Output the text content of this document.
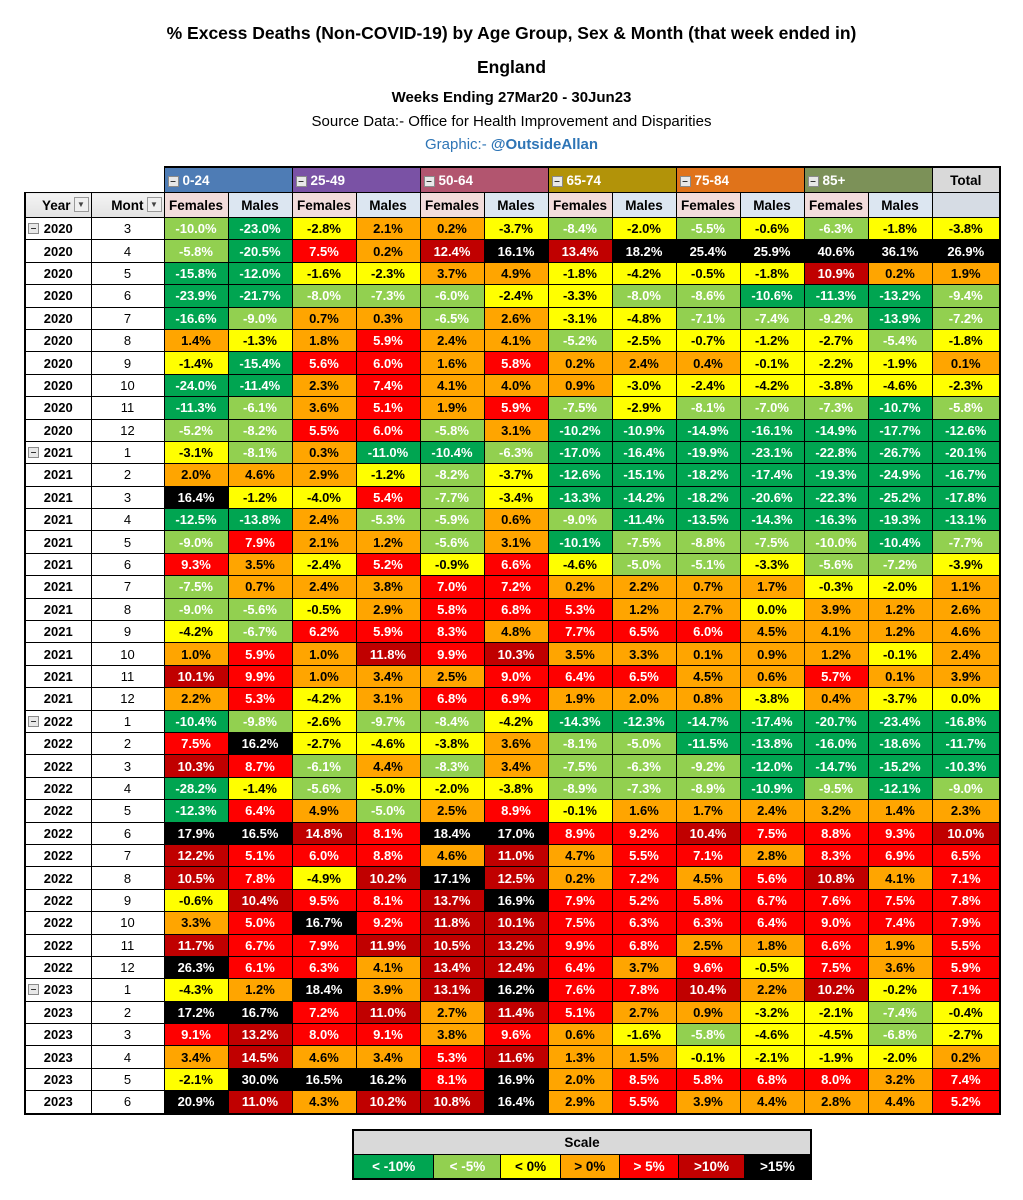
% Excess Deaths (Non-COVID-19) by Age Group, Sex & Month (that week ended in)
England
Weeks Ending 27Mar20 - 30Jun23
Source Data:- Office for Health Improvement and Disparities
Graphic:- @OutsideAllan
		– 0-24		– 25-49		– 50-64		– 65-74		– 75-84		– 85+		Total
Year ▼	Mont ▼	Females	Males	Females	Males	Females	Males	Females	Males	Females	Males	Females	Males	

– 2020	3	-10.0%	-23.0%	-2.8%	2.1%	0.2%	-3.7%	-8.4%	-2.0%	-5.5%	-0.6%	-6.3%	-1.8%	-3.8%
2020	4	-5.8%	-20.5%	7.5%	0.2%	12.4%	16.1%	13.4%	18.2%	25.4%	25.9%	40.6%	36.1%	26.9%
2020	5	-15.8%	-12.0%	-1.6%	-2.3%	3.7%	4.9%	-1.8%	-4.2%	-0.5%	-1.8%	10.9%	0.2%	1.9%
2020	6	-23.9%	-21.7%	-8.0%	-7.3%	-6.0%	-2.4%	-3.3%	-8.0%	-8.6%	-10.6%	-11.3%	-13.2%	-9.4%
2020	7	-16.6%	-9.0%	0.7%	0.3%	-6.5%	2.6%	-3.1%	-4.8%	-7.1%	-7.4%	-9.2%	-13.9%	-7.2%
2020	8	1.4%	-1.3%	1.8%	5.9%	2.4%	4.1%	-5.2%	-2.5%	-0.7%	-1.2%	-2.7%	-5.4%	-1.8%
2020	9	-1.4%	-15.4%	5.6%	6.0%	1.6%	5.8%	0.2%	2.4%	0.4%	-0.1%	-2.2%	-1.9%	0.1%
2020	10	-24.0%	-11.4%	2.3%	7.4%	4.1%	4.0%	0.9%	-3.0%	-2.4%	-4.2%	-3.8%	-4.6%	-2.3%
2020	11	-11.3%	-6.1%	3.6%	5.1%	1.9%	5.9%	-7.5%	-2.9%	-8.1%	-7.0%	-7.3%	-10.7%	-5.8%
2020	12	-5.2%	-8.2%	5.5%	6.0%	-5.8%	3.1%	-10.2%	-10.9%	-14.9%	-16.1%	-14.9%	-17.7%	-12.6%

– 2021	1	-3.1%	-8.1%	0.3%	-11.0%	-10.4%	-6.3%	-17.0%	-16.4%	-19.9%	-23.1%	-22.8%	-26.7%	-20.1%
2021	2	2.0%	4.6%	2.9%	-1.2%	-8.2%	-3.7%	-12.6%	-15.1%	-18.2%	-17.4%	-19.3%	-24.9%	-16.7%
2021	3	16.4%	-1.2%	-4.0%	5.4%	-7.7%	-3.4%	-13.3%	-14.2%	-18.2%	-20.6%	-22.3%	-25.2%	-17.8%
2021	4	-12.5%	-13.8%	2.4%	-5.3%	-5.9%	0.6%	-9.0%	-11.4%	-13.5%	-14.3%	-16.3%	-19.3%	-13.1%
2021	5	-9.0%	7.9%	2.1%	1.2%	-5.6%	3.1%	-10.1%	-7.5%	-8.8%	-7.5%	-10.0%	-10.4%	-7.7%
2021	6	9.3%	3.5%	-2.4%	5.2%	-0.9%	6.6%	-4.6%	-5.0%	-5.1%	-3.3%	-5.6%	-7.2%	-3.9%
2021	7	-7.5%	0.7%	2.4%	3.8%	7.0%	7.2%	0.2%	2.2%	0.7%	1.7%	-0.3%	-2.0%	1.1%
2021	8	-9.0%	-5.6%	-0.5%	2.9%	5.8%	6.8%	5.3%	1.2%	2.7%	0.0%	3.9%	1.2%	2.6%
2021	9	-4.2%	-6.7%	6.2%	5.9%	8.3%	4.8%	7.7%	6.5%	6.0%	4.5%	4.1%	1.2%	4.6%
2021	10	1.0%	5.9%	1.0%	11.8%	9.9%	10.3%	3.5%	3.3%	0.1%	0.9%	1.2%	-0.1%	2.4%
2021	11	10.1%	9.9%	1.0%	3.4%	2.5%	9.0%	6.4%	6.5%	4.5%	0.6%	5.7%	0.1%	3.9%
2021	12	2.2%	5.3%	-4.2%	3.1%	6.8%	6.9%	1.9%	2.0%	0.8%	-3.8%	0.4%	-3.7%	0.0%

– 2022	1	-10.4%	-9.8%	-2.6%	-9.7%	-8.4%	-4.2%	-14.3%	-12.3%	-14.7%	-17.4%	-20.7%	-23.4%	-16.8%
2022	2	7.5%	16.2%	-2.7%	-4.6%	-3.8%	3.6%	-8.1%	-5.0%	-11.5%	-13.8%	-16.0%	-18.6%	-11.7%
2022	3	10.3%	8.7%	-6.1%	4.4%	-8.3%	3.4%	-7.5%	-6.3%	-9.2%	-12.0%	-14.7%	-15.2%	-10.3%
2022	4	-28.2%	-1.4%	-5.6%	-5.0%	-2.0%	-3.8%	-8.9%	-7.3%	-8.9%	-10.9%	-9.5%	-12.1%	-9.0%
2022	5	-12.3%	6.4%	4.9%	-5.0%	2.5%	8.9%	-0.1%	1.6%	1.7%	2.4%	3.2%	1.4%	2.3%
2022	6	17.9%	16.5%	14.8%	8.1%	18.4%	17.0%	8.9%	9.2%	10.4%	7.5%	8.8%	9.3%	10.0%
2022	7	12.2%	5.1%	6.0%	8.8%	4.6%	11.0%	4.7%	5.5%	7.1%	2.8%	8.3%	6.9%	6.5%
2022	8	10.5%	7.8%	-4.9%	10.2%	17.1%	12.5%	0.2%	7.2%	4.5%	5.6%	10.8%	4.1%	7.1%
2022	9	-0.6%	10.4%	9.5%	8.1%	13.7%	16.9%	7.9%	5.2%	5.8%	6.7%	7.6%	7.5%	7.8%
2022	10	3.3%	5.0%	16.7%	9.2%	11.8%	10.1%	7.5%	6.3%	6.3%	6.4%	9.0%	7.4%	7.9%
2022	11	11.7%	6.7%	7.9%	11.9%	10.5%	13.2%	9.9%	6.8%	2.5%	1.8%	6.6%	1.9%	5.5%
2022	12	26.3%	6.1%	6.3%	4.1%	13.4%	12.4%	6.4%	3.7%	9.6%	-0.5%	7.5%	3.6%	5.9%

– 2023	1	-4.3%	1.2%	18.4%	3.9%	13.1%	16.2%	7.6%	7.8%	10.4%	2.2%	10.2%	-0.2%	7.1%
2023	2	17.2%	16.7%	7.2%	11.0%	2.7%	11.4%	5.1%	2.7%	0.9%	-3.2%	-2.1%	-7.4%	-0.4%
2023	3	9.1%	13.2%	8.0%	9.1%	3.8%	9.6%	0.6%	-1.6%	-5.8%	-4.6%	-4.5%	-6.8%	-2.7%
2023	4	3.4%	14.5%	4.6%	3.4%	5.3%	11.6%	1.3%	1.5%	-0.1%	-2.1%	-1.9%	-2.0%	0.2%
2023	5	-2.1%	30.0%	16.5%	16.2%	8.1%	16.9%	2.0%	8.5%	5.8%	6.8%	8.0%	3.2%	7.4%
2023	6	20.9%	11.0%	4.3%	10.2%	10.8%	16.4%	2.9%	5.5%	3.9%	4.4%	2.8%	4.4%	5.2%
Scale
< -10%	< -5%	< 0%	> 0%	> 5%	>10%	>15%
